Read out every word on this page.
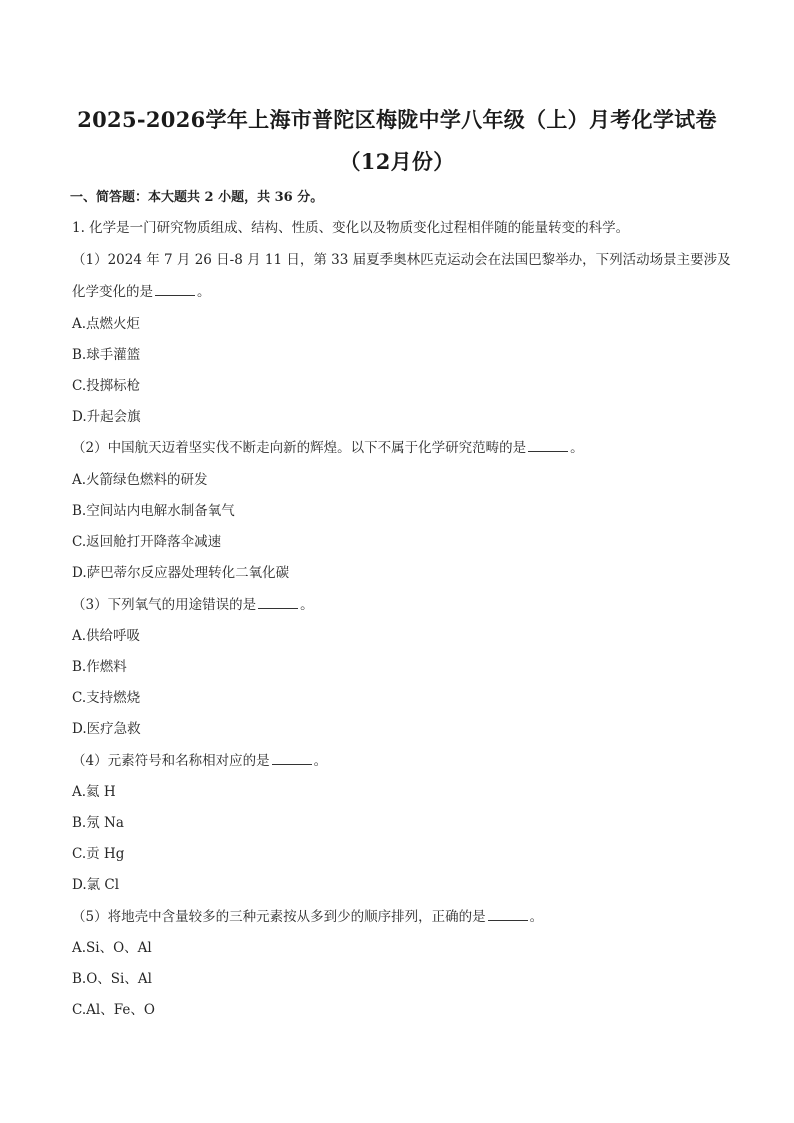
2025-2026学年上海市普陀区梅陇中学八年级（上）月考化学试卷
（12月份）
一、简答题：本大题共 2 小题，共 36 分。
1. 化学是一门研究物质组成、结构、性质、变化以及物质变化过程相伴随的能量转变的科学。
（1）2024 年 7 月 26 日-8 月 11 日，第 33 届夏季奥林匹克运动会在法国巴黎举办，下列活动场景主要涉及
化学变化的是	。
A.点燃火炬
B.球手灌篮
C.投掷标枪
D.升起会旗
（2）中国航天迈着坚实伐不断走向新的辉煌。以下不属于化学研究范畴的是	。
A.火箭绿色燃料的研发
B.空间站内电解水制备氧气
C.返回舱打开降落伞减速
D.萨巴蒂尔反应器处理转化二氧化碳
（3）下列氧气的用途错误的是	。
A.供给呼吸
B.作燃料
C.支持燃烧
D.医疗急救
（4）元素符号和名称相对应的是	。
A.氦 H
B.氖 Na
C.贡 Hg
D.氯 Cl
（5）将地壳中含量较多的三种元素按从多到少的顺序排列，正确的是	。
A.Si、O、Al
B.O、Si、Al
C.Al、Fe、O
